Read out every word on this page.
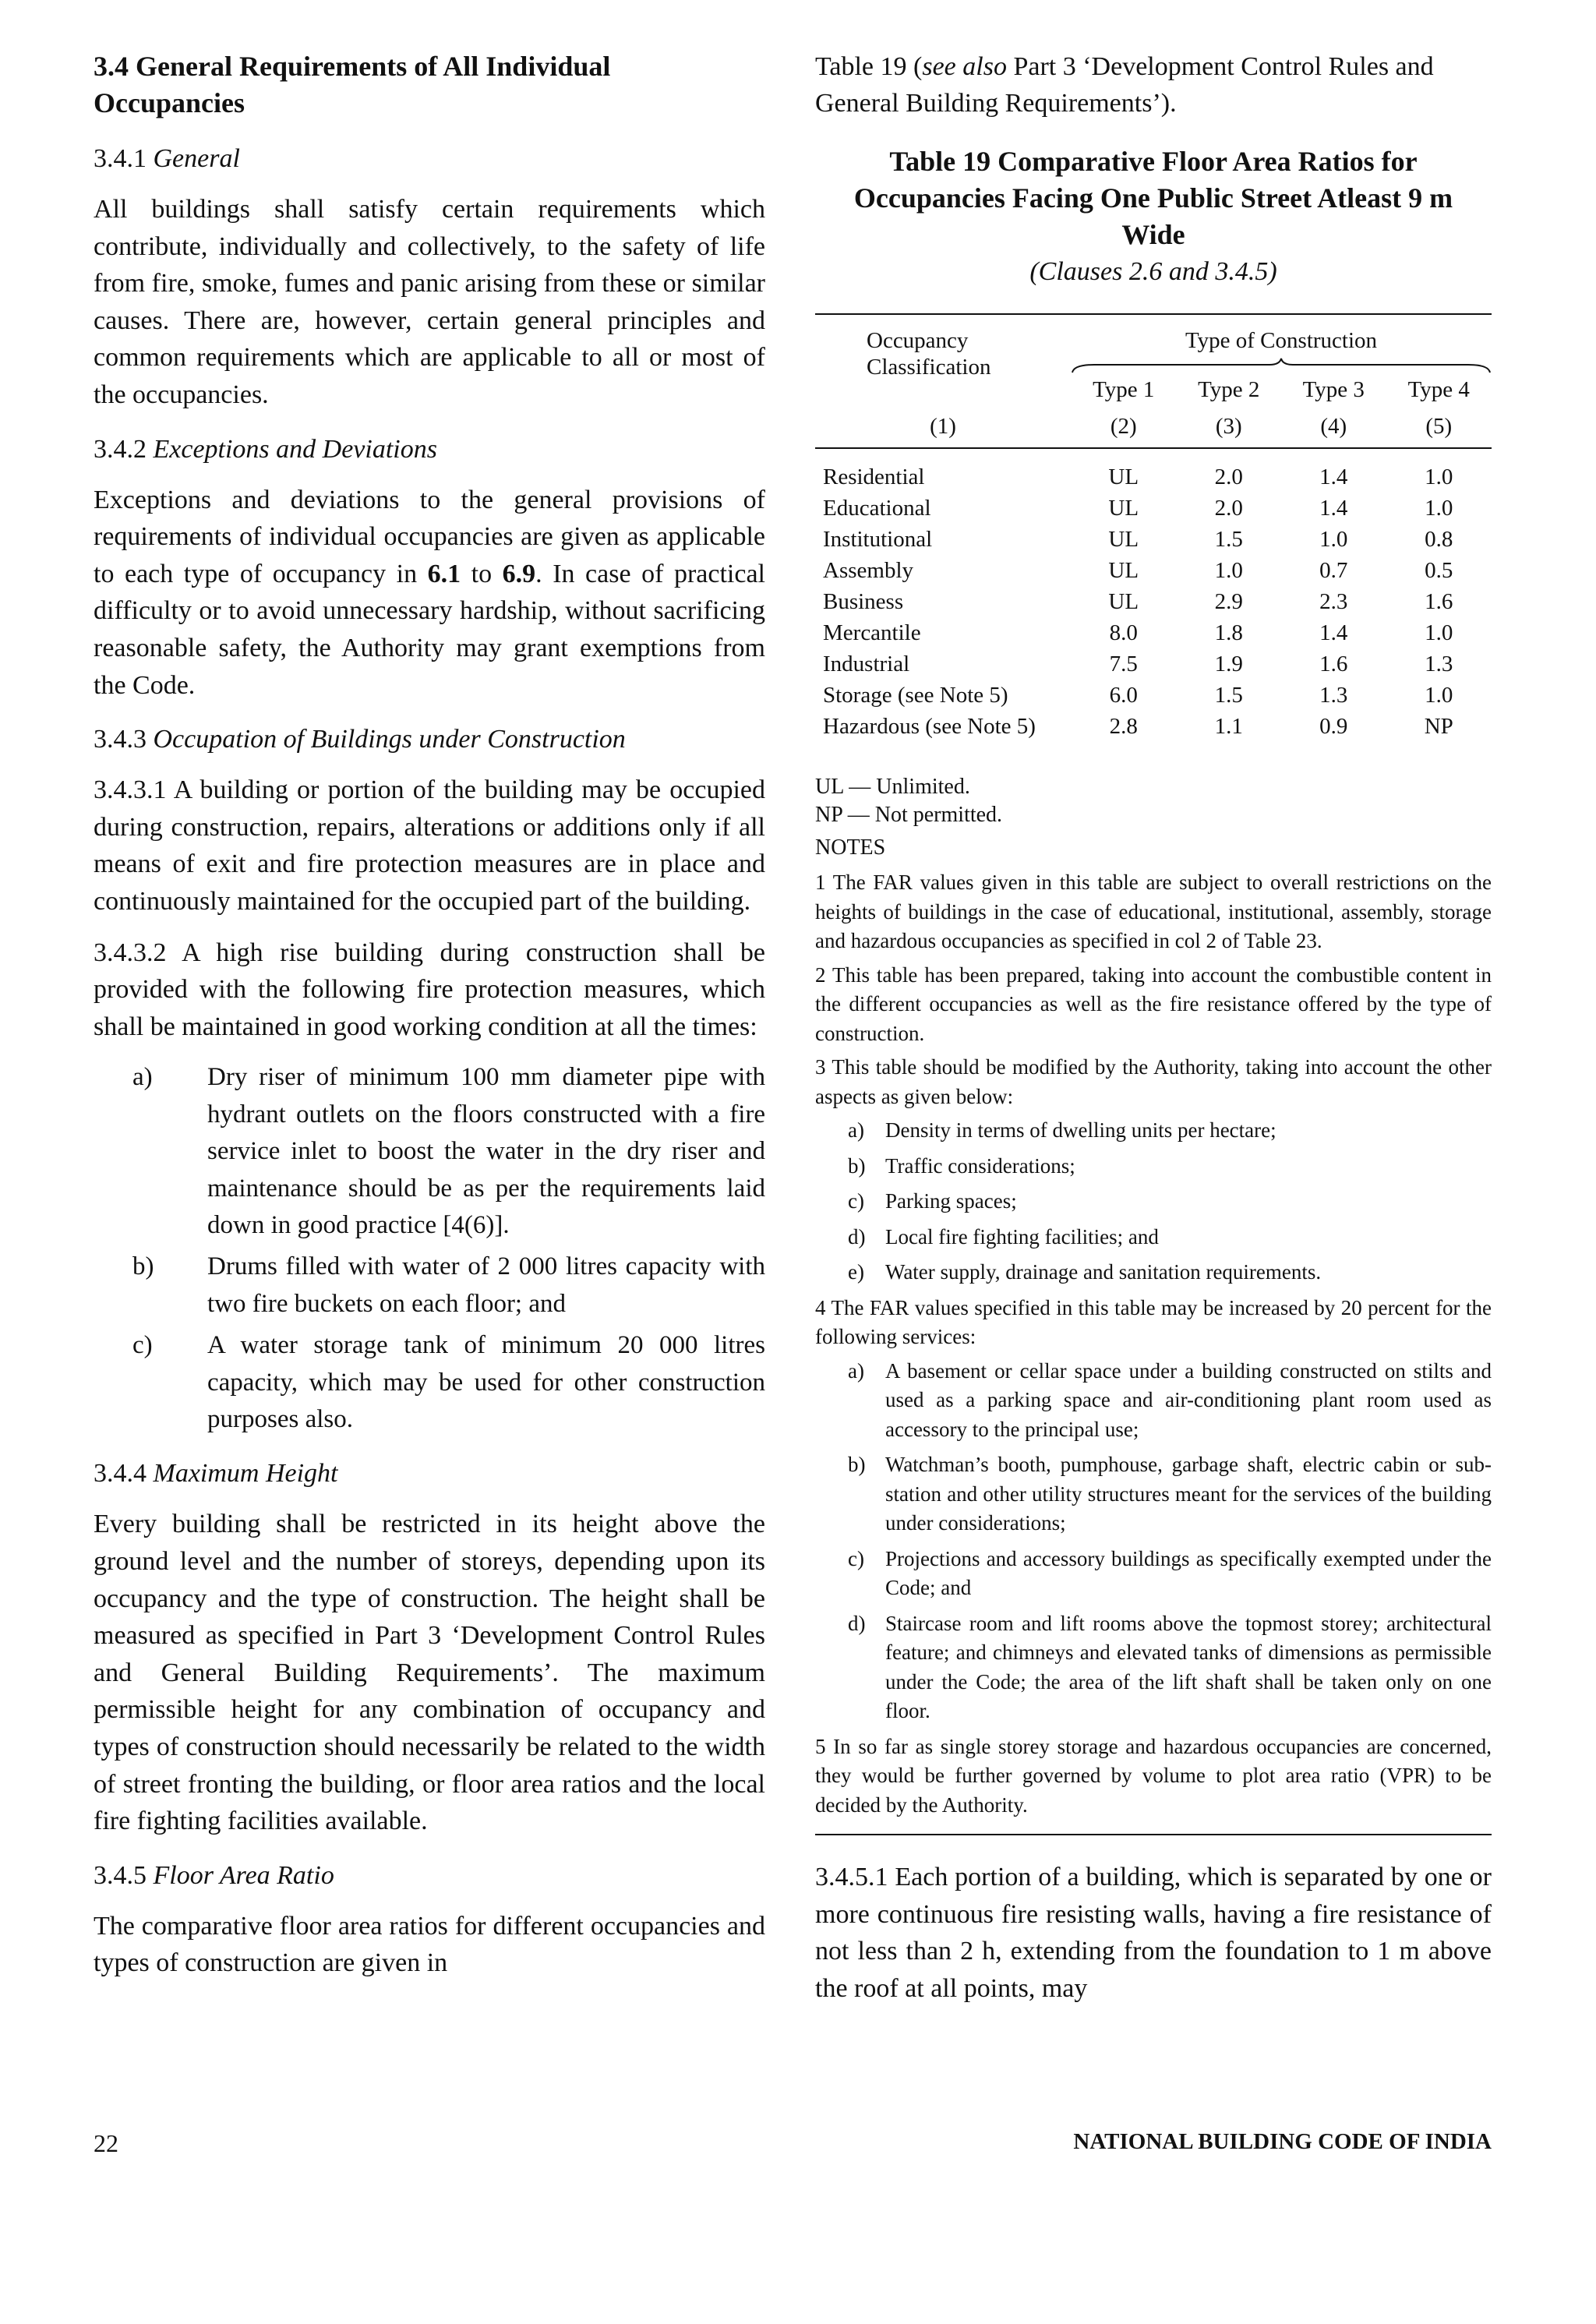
3.4 General Requirements of All Individual Occupancies

3.4.1 General

All buildings shall satisfy certain requirements which contribute, individually and collectively, to the safety of life from fire, smoke, fumes and panic arising from these or similar causes. There are, however, certain general principles and common requirements which are applicable to all or most of the occupancies.

3.4.2 Exceptions and Deviations

Exceptions and deviations to the general provisions of requirements of individual occupancies are given as applicable to each type of occupancy in 6.1 to 6.9. In case of practical difficulty or to avoid unnecessary hardship, without sacrificing reasonable safety, the Authority may grant exemptions from the Code.

3.4.3 Occupation of Buildings under Construction

3.4.3.1 A building or portion of the building may be occupied during construction, repairs, alterations or additions only if all means of exit and fire protection measures are in place and continuously maintained for the occupied part of the building.

3.4.3.2 A high rise building during construction shall be provided with the following fire protection measures, which shall be maintained in good working condition at all the times:

a) Dry riser of minimum 100 mm diameter pipe with hydrant outlets on the floors constructed with a fire service inlet to boost the water in the dry riser and maintenance should be as per the requirements laid down in good practice [4(6)].
b) Drums filled with water of 2 000 litres capacity with two fire buckets on each floor; and
c) A water storage tank of minimum 20 000 litres capacity, which may be used for other construction purposes also.

3.4.4 Maximum Height

Every building shall be restricted in its height above the ground level and the number of storeys, depending upon its occupancy and the type of construction. The height shall be measured as specified in Part 3 ‘Development Control Rules and General Building Requirements’. The maximum permissible height for any combination of occupancy and types of construction should necessarily be related to the width of street fronting the building, or floor area ratios and the local fire fighting facilities available.

3.4.5 Floor Area Ratio

The comparative floor area ratios for different occupancies and types of construction are given in

Table 19 (see also Part 3 ‘Development Control Rules and General Building Requirements’).

Table 19 Comparative Floor Area Ratios for Occupancies Facing One Public Street Atleast 9 m Wide

(Clauses 2.6 and 3.4.5)

Occupancy Classification	Type of Construction			

	Type 1	Type 2	Type 3	Type 4
(1)	(2)	(3)	(4)	(5)
Residential	UL	2.0	1.4	1.0
Educational	UL	2.0	1.4	1.0
Institutional	UL	1.5	1.0	0.8
Assembly	UL	1.0	0.7	0.5
Business	UL	2.9	2.3	1.6
Mercantile	8.0	1.8	1.4	1.0
Industrial	7.5	1.9	1.6	1.3
Storage (see Note 5)	6.0	1.5	1.3	1.0
Hazardous (see Note 5)	2.8	1.1	0.9	NP

UL — Unlimited.

NP — Not permitted.

NOTES

1 The FAR values given in this table are subject to overall restrictions on the heights of buildings in the case of educational, institutional, assembly, storage and hazardous occupancies as specified in col 2 of Table 23.

2 This table has been prepared, taking into account the combustible content in the different occupancies as well as the fire resistance offered by the type of construction.

3 This table should be modified by the Authority, taking into account the other aspects as given below:

a) Density in terms of dwelling units per hectare;
b) Traffic considerations;
c) Parking spaces;
d) Local fire fighting facilities; and
e) Water supply, drainage and sanitation requirements.

4 The FAR values specified in this table may be increased by 20 percent for the following services:

a) A basement or cellar space under a building constructed on stilts and used as a parking space and air-conditioning plant room used as accessory to the principal use;
b) Watchman’s booth, pumphouse, garbage shaft, electric cabin or sub-station and other utility structures meant for the services of the building under considerations;
c) Projections and accessory buildings as specifically exempted under the Code; and
d) Staircase room and lift rooms above the topmost storey; architectural feature; and chimneys and elevated tanks of dimensions as permissible under the Code; the area of the lift shaft shall be taken only on one floor.

5 In so far as single storey storage and hazardous occupancies are concerned, they would be further governed by volume to plot area ratio (VPR) to be decided by the Authority.

3.4.5.1 Each portion of a building, which is separated by one or more continuous fire resisting walls, having a fire resistance of not less than 2 h, extending from the foundation to 1 m above the roof at all points, may

22	NATIONAL BUILDING CODE OF INDIA
